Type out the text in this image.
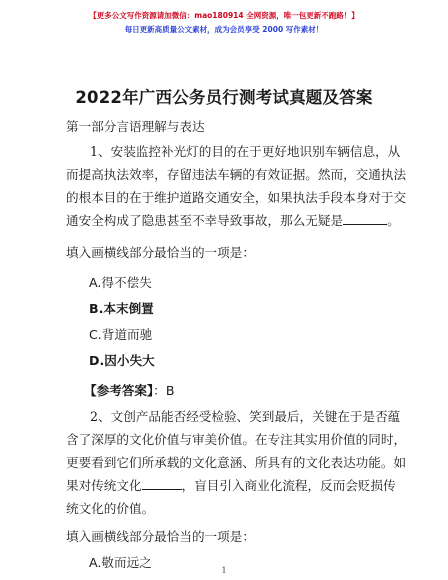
【更多公文写作资源请加微信：mao180914 全网资源，唯一包更新不跑路！】
每日更新高质量公文素材，成为会员享受 2000 写作素材！
2022年广西公务员行测考试真题及答案
第一部分言语理解与表达
1、安装监控补光灯的目的在于更好地识别车辆信息，从
而提高执法效率，存留违法车辆的有效证据。然而，交通执法
的根本目的在于维护道路交通安全，如果执法手段本身对于交
通安全构成了隐患甚至不幸导致事故，那么无疑是	。
填入画横线部分最恰当的一项是：
A.得不偿失
B.本末倒置
C.背道而驰
D.因小失大
【参考答案】：B
2、文创产品能否经受检验、笑到最后，关键在于是否蕴
含了深厚的文化价值与审美价值。在专注其实用价值的同时，
更要看到它们所承载的文化意涵、所具有的文化表达功能。如
果对传统文化	，盲目引入商业化流程，反而会贬损传
统文化的价值。
填入画横线部分最恰当的一项是：
A.敬而远之
1
